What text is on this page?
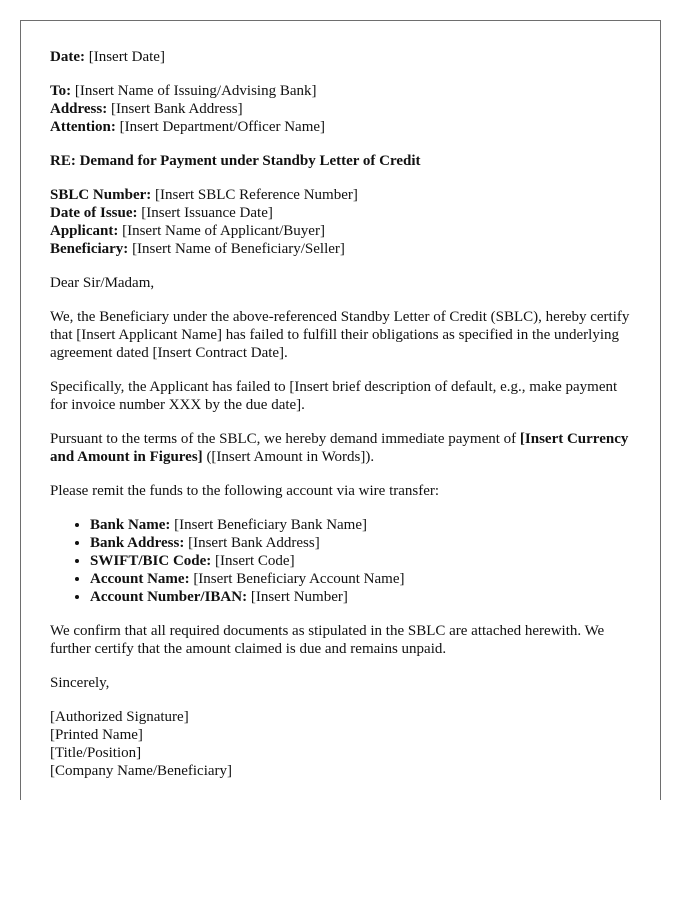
Date: [Insert Date]
To: [Insert Name of Issuing/Advising Bank]
Address: [Insert Bank Address]
Attention: [Insert Department/Officer Name]
RE: Demand for Payment under Standby Letter of Credit
SBLC Number: [Insert SBLC Reference Number]
Date of Issue: [Insert Issuance Date]
Applicant: [Insert Name of Applicant/Buyer]
Beneficiary: [Insert Name of Beneficiary/Seller]

Dear Sir/Madam,

We, the Beneficiary under the above-referenced Standby Letter of Credit (SBLC), hereby certify that [Insert Applicant Name] has failed to fulfill their obligations as specified in the underlying agreement dated [Insert Contract Date].

Specifically, the Applicant has failed to [Insert brief description of default, e.g., make payment for invoice number XXX by the due date].

Pursuant to the terms of the SBLC, we hereby demand immediate payment of [Insert Currency and Amount in Figures] ([Insert Amount in Words]).

Please remit the funds to the following account via wire transfer:

• Bank Name: [Insert Beneficiary Bank Name]
• Bank Address: [Insert Bank Address]
• SWIFT/BIC Code: [Insert Code]
• Account Name: [Insert Beneficiary Account Name]
• Account Number/IBAN: [Insert Number]

We confirm that all required documents as stipulated in the SBLC are attached herewith. We further certify that the amount claimed is due and remains unpaid.

Sincerely,

[Authorized Signature]
[Printed Name]
[Title/Position]
[Company Name/Beneficiary]
